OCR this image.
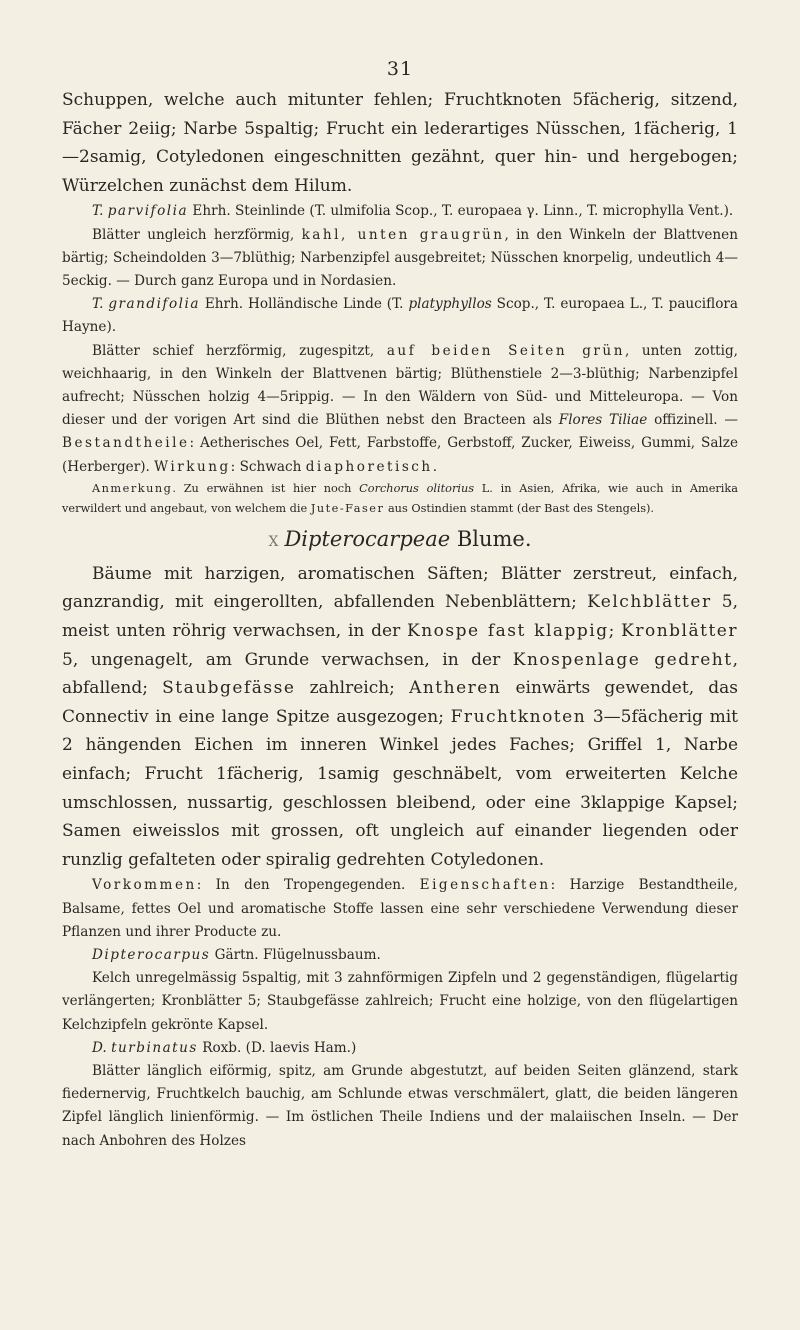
31

Schuppen, welche auch mitunter fehlen; Fruchtknoten 5fächerig, sitzend, Fächer 2eiig; Narbe 5spaltig; Frucht ein lederartiges Nüsschen, 1fächerig, 1—2samig, Cotyledonen eingeschnitten gezähnt, quer hin- und hergebogen; Würzelchen zunächst dem Hilum.

T. parvifolia Ehrh. Steinlinde (T. ulmifolia Scop., T. europaea γ. Linn., T. microphylla Vent.).

Blätter ungleich herzförmig, kahl, unten graugrün, in den Winkeln der Blattvenen bärtig; Scheindolden 3—7blüthig; Narbenzipfel ausgebreitet; Nüsschen knorpelig, undeutlich 4—5eckig. — Durch ganz Europa und in Nordasien.

T. grandifolia Ehrh. Holländische Linde (T. platyphyllos Scop., T. europaea L., T. pauciflora Hayne).

Blätter schief herzförmig, zugespitzt, auf beiden Seiten grün, unten zottig, weichhaarig, in den Winkeln der Blattvenen bärtig; Blüthenstiele 2—3-blüthig; Narbenzipfel aufrecht; Nüsschen holzig 4—5rippig. — In den Wäldern von Süd- und Mitteleuropa. — Von dieser und der vorigen Art sind die Blüthen nebst den Bracteen als Flores Tiliae offizinell. — Bestandtheile: Aetherisches Oel, Fett, Farbstoffe, Gerbstoff, Zucker, Eiweiss, Gummi, Salze (Herberger). Wirkung: Schwach diaphoretisch.

Anmerkung. Zu erwähnen ist hier noch Corchorus olitorius L. in Asien, Afrika, wie auch in Amerika verwildert und angebaut, von welchem die Jute-Faser aus Ostindien stammt (der Bast des Stengels).

X Dipterocarpeae Blume.

Bäume mit harzigen, aromatischen Säften; Blätter zerstreut, einfach, ganzrandig, mit eingerollten, abfallenden Nebenblättern; Kelchblätter 5, meist unten röhrig verwachsen, in der Knospe fast klappig; Kronblätter 5, ungenagelt, am Grunde verwachsen, in der Knospenlage gedreht, abfallend; Staubgefässe zahlreich; Antheren einwärts gewendet, das Connectiv in eine lange Spitze ausgezogen; Fruchtknoten 3—5fächerig mit 2 hängenden Eichen im inneren Winkel jedes Faches; Griffel 1, Narbe einfach; Frucht 1fächerig, 1samig geschnäbelt, vom erweiterten Kelche umschlossen, nussartig, geschlossen bleibend, oder eine 3klappige Kapsel; Samen eiweisslos mit grossen, oft ungleich auf einander liegenden oder runzlig gefalteten oder spiralig gedrehten Cotyledonen.

Vorkommen: In den Tropengegenden. Eigenschaften: Harzige Bestandtheile, Balsame, fettes Oel und aromatische Stoffe lassen eine sehr verschiedene Verwendung dieser Pflanzen und ihrer Producte zu.

Dipterocarpus Gärtn. Flügelnussbaum.

Kelch unregelmässig 5spaltig, mit 3 zahnförmigen Zipfeln und 2 gegenständigen, flügelartig verlängerten; Kronblätter 5; Staubgefässe zahlreich; Frucht eine holzige, von den flügelartigen Kelchzipfeln gekrönte Kapsel.

D. turbinatus Roxb. (D. laevis Ham.)

Blätter länglich eiförmig, spitz, am Grunde abgestutzt, auf beiden Seiten glänzend, stark fiedernervig, Fruchtkelch bauchig, am Schlunde etwas verschmälert, glatt, die beiden längeren Zipfel länglich linienförmig. — Im östlichen Theile Indiens und der malaiischen Inseln. — Der nach Anbohren des Holzes
